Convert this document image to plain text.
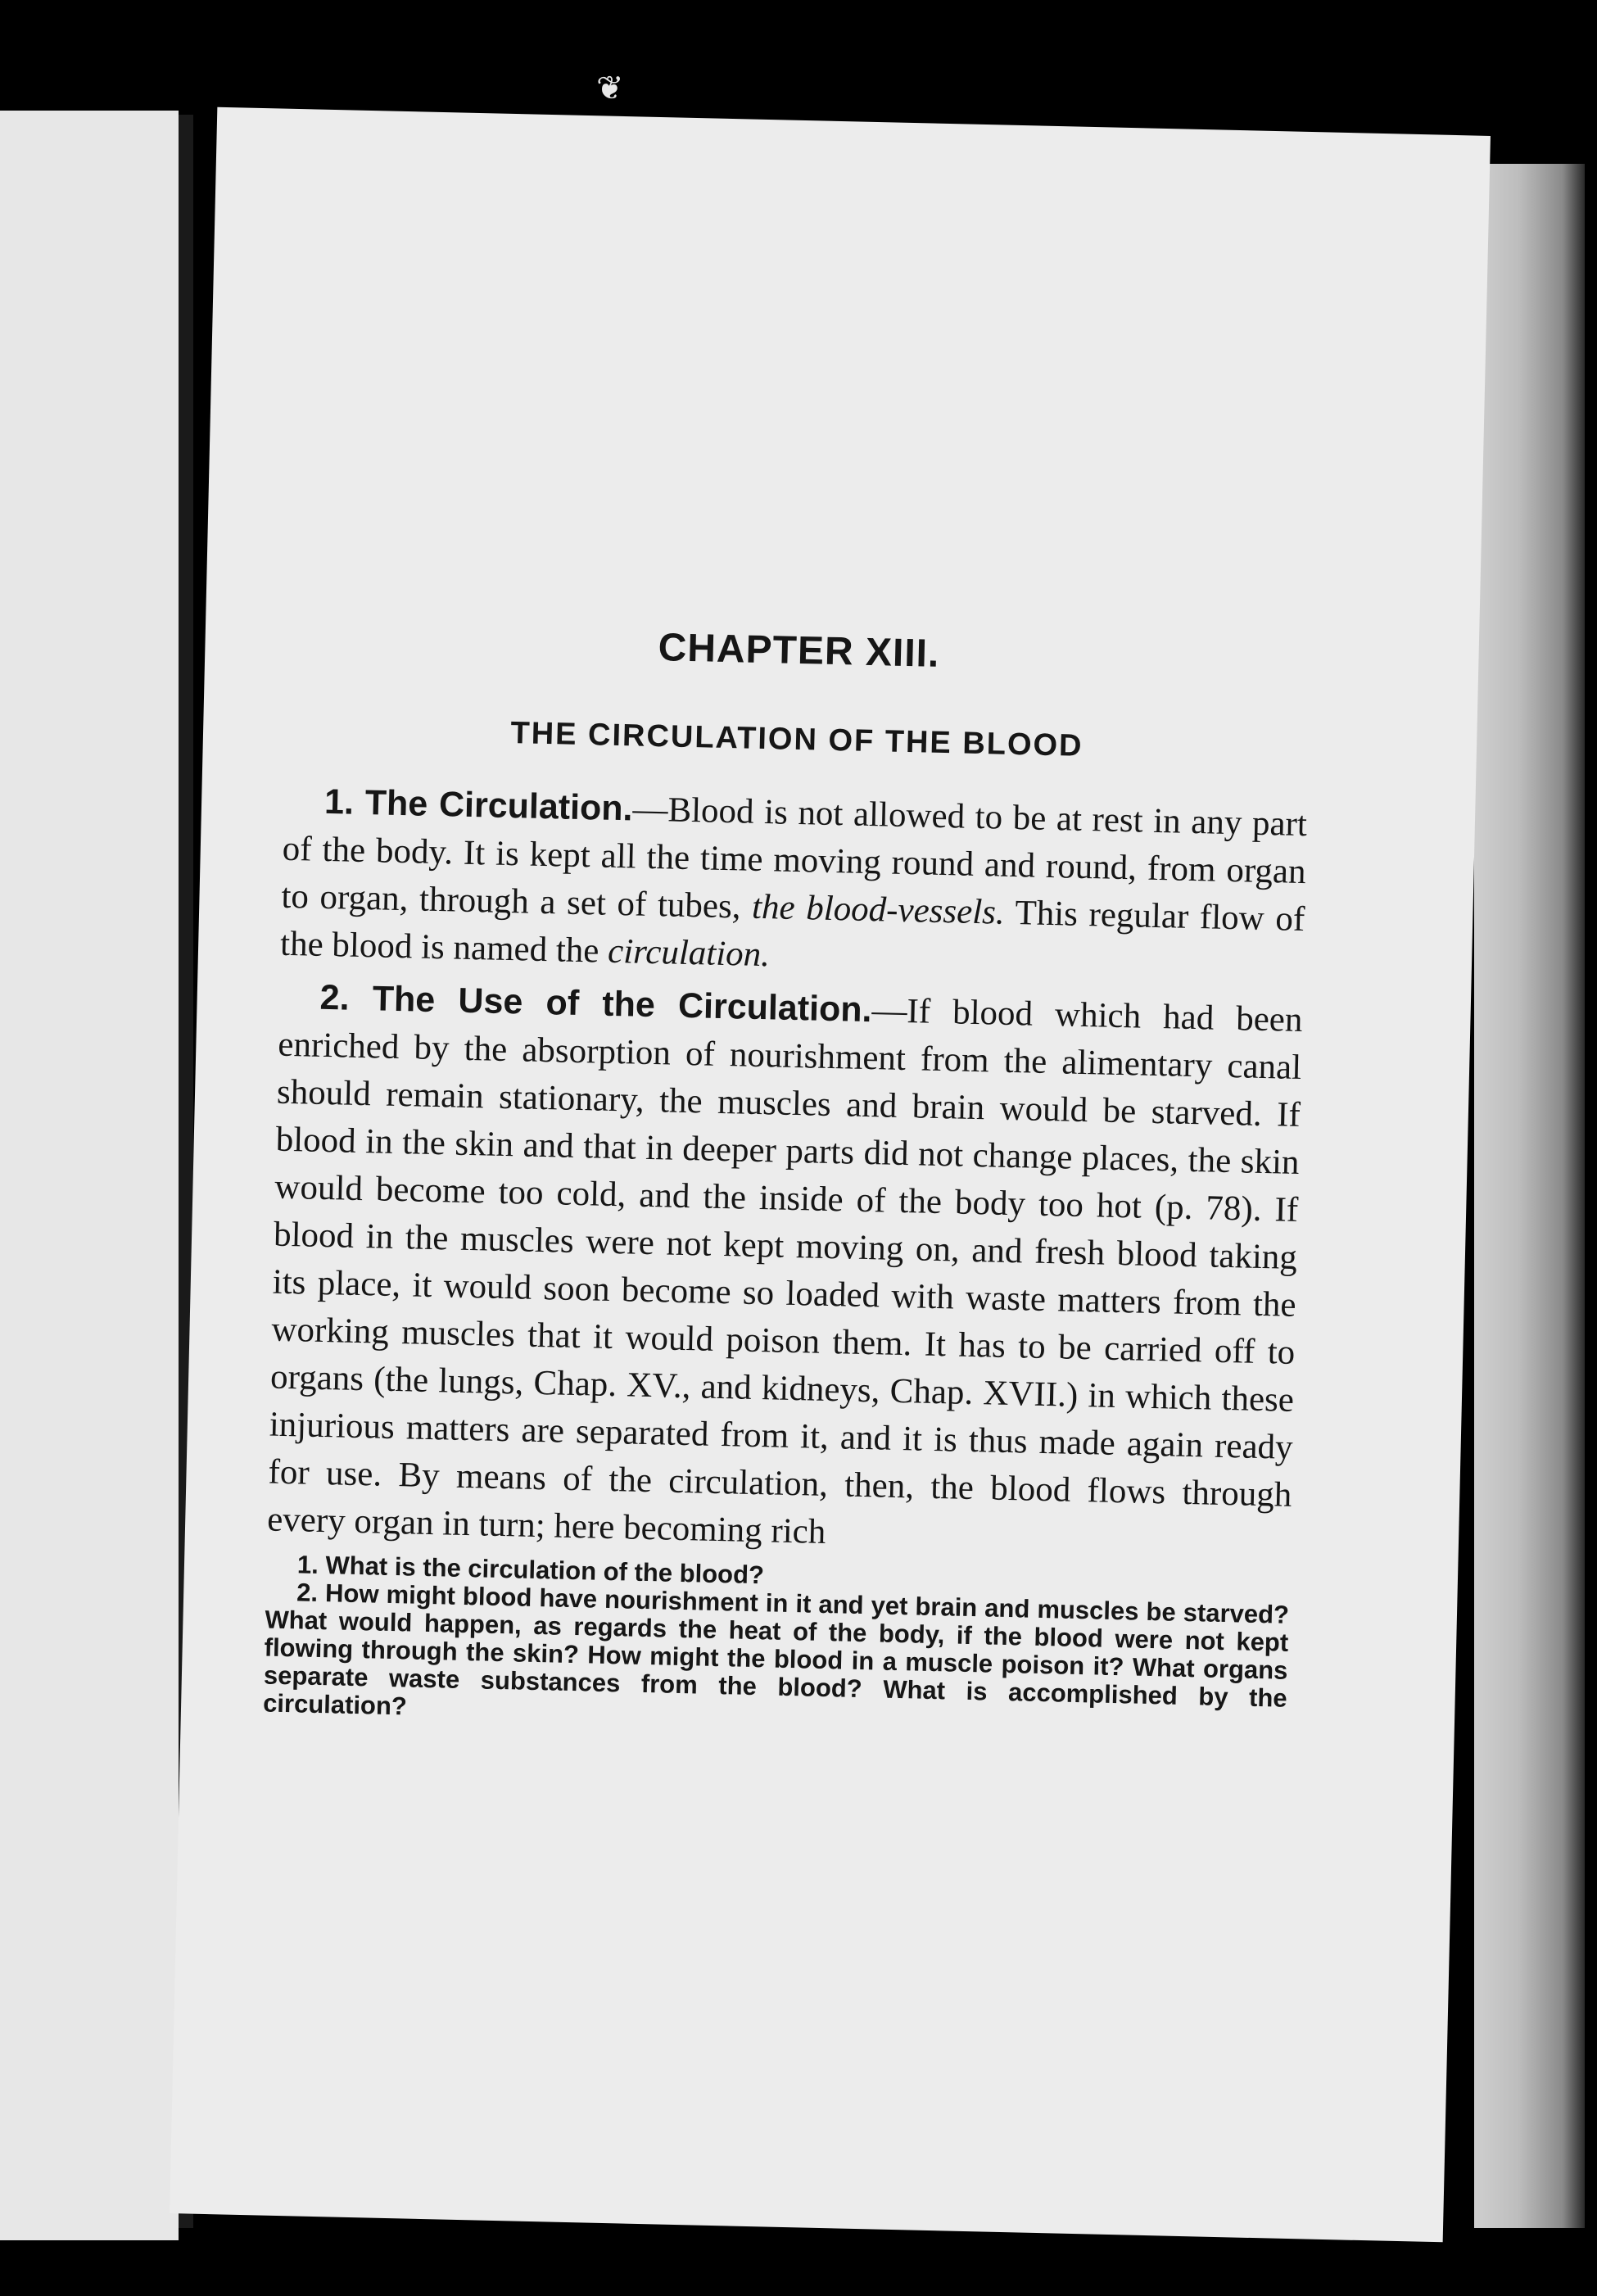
❦
CHAPTER XIII.
THE CIRCULATION OF THE BLOOD

1. The Circulation.—Blood is not allowed to be at rest in any part of the body. It is kept all the time moving round and round, from organ to organ, through a set of tubes, the blood-vessels. This regular flow of the blood is named the circulation.

2. The Use of the Circulation.—If blood which had been enriched by the absorption of nourishment from the alimentary canal should remain stationary, the muscles and brain would be starved. If blood in the skin and that in deeper parts did not change places, the skin would become too cold, and the inside of the body too hot (p. 78). If blood in the muscles were not kept moving on, and fresh blood taking its place, it would soon become so loaded with waste matters from the working muscles that it would poison them. It has to be carried off to organs (the lungs, Chap. XV., and kidneys, Chap. XVII.) in which these injurious matters are separated from it, and it is thus made again ready for use. By means of the circulation, then, the blood flows through every organ in turn; here becoming rich

1. What is the circulation of the blood?

2. How might blood have nourishment in it and yet brain and muscles be starved? What would happen, as regards the heat of the body, if the blood were not kept flowing through the skin? How might the blood in a muscle poison it? What organs separate waste substances from the blood? What is accomplished by the circulation?
